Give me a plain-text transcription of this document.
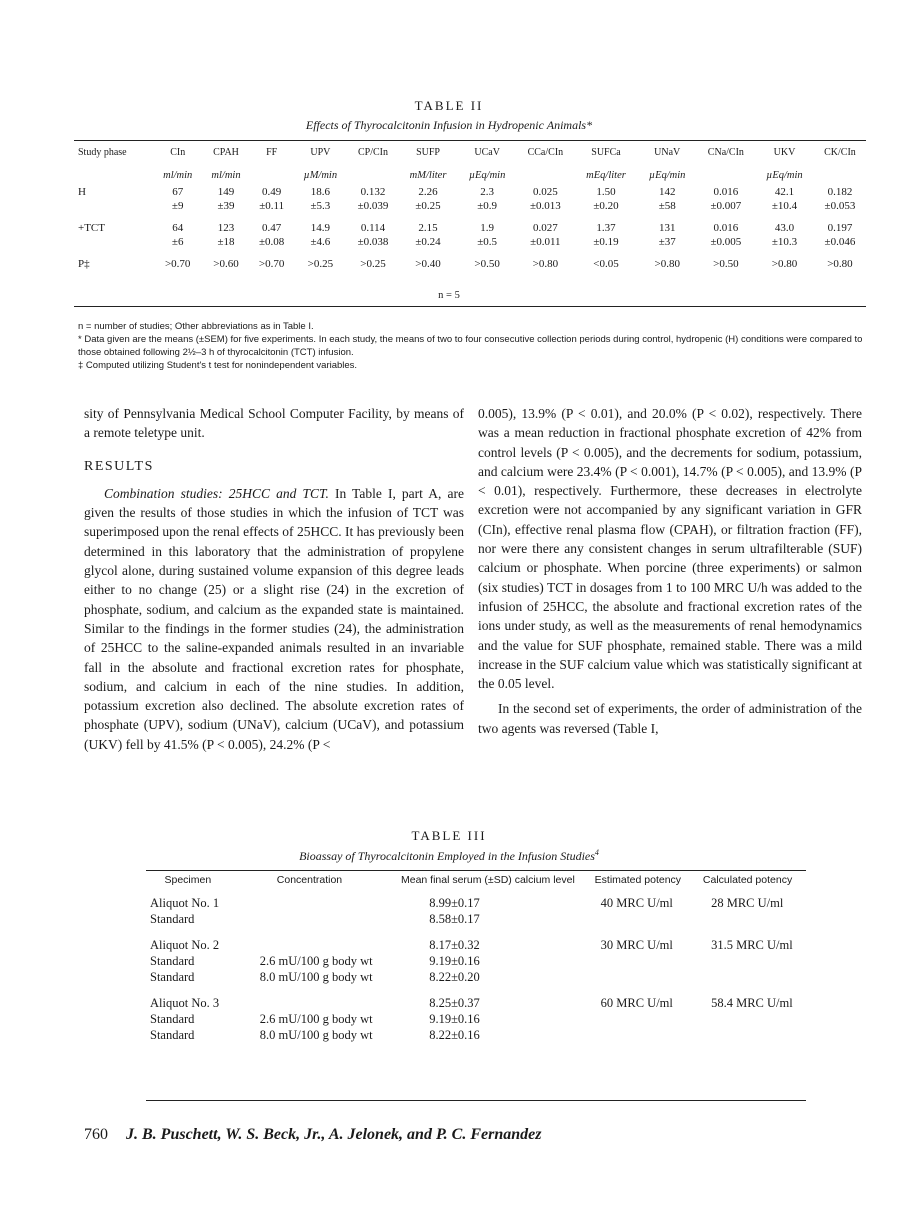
TABLE II
Effects of Thyrocalcitonin Infusion in Hydropenic Animals*
Study phase	CIn	CPAH	FF	UPV	CP/CIn	SUFP	UCaV	CCa/CIn	SUFCa	UNaV	CNa/CIn	UKV	CK/CIn
	ml/min	ml/min		µM/min		mM/liter	µEq/min		mEq/liter	µEq/min		µEq/min	
H	67	149	0.49	18.6	0.132	2.26	2.3	0.025	1.50	142	0.016	42.1	0.182
	±9	±39	±0.11	±5.3	±0.039	±0.25	±0.9	±0.013	±0.20	±58	±0.007	±10.4	±0.053
+TCT	64	123	0.47	14.9	0.114	2.15	1.9	0.027	1.37	131	0.016	43.0	0.197
	±6	±18	±0.08	±4.6	±0.038	±0.24	±0.5	±0.011	±0.19	±37	±0.005	±10.3	±0.046
P‡	>0.70	>0.60	>0.70	>0.25	>0.25	>0.40	>0.50	>0.80	<0.05	>0.80	>0.50	>0.80	>0.80
n = 5

n = number of studies; Other abbreviations as in Table I.

* Data given are the means (±SEM) for five experiments. In each study, the means of two to four consecutive collection periods during control, hydropenic (H) conditions were compared to those obtained following 2½–3 h of thyrocalcitonin (TCT) infusion.

‡ Computed utilizing Student's t test for nonindependent variables.

sity of Pennsylvania Medical School Computer Facility, by means of a remote teletype unit.

RESULTS

Combination studies: 25HCC and TCT. In Table I, part A, are given the results of those studies in which the infusion of TCT was superimposed upon the renal effects of 25HCC. It has previously been determined in this laboratory that the administration of propylene glycol alone, during sustained volume expansion of this degree leads either to no change (25) or a slight rise (24) in the excretion of phosphate, sodium, and calcium as the expanded state is maintained. Similar to the findings in the former studies (24), the administration of 25HCC to the saline-expanded animals resulted in an invariable fall in the absolute and fractional excretion rates for phosphate, sodium, and calcium in each of the nine studies. In addition, potassium excretion also declined. The absolute excretion rates of phosphate (UPV), sodium (UNaV), calcium (UCaV), and potassium (UKV) fell by 41.5% (P < 0.005), 24.2% (P <

0.005), 13.9% (P < 0.01), and 20.0% (P < 0.02), respectively. There was a mean reduction in fractional phosphate excretion of 42% from control levels (P < 0.005), and the decrements for sodium, potassium, and calcium were 23.4% (P < 0.001), 14.7% (P < 0.005), and 13.9% (P < 0.01), respectively. Furthermore, these decreases in electrolyte excretion were not accompanied by any significant variation in GFR (CIn), effective renal plasma flow (CPAH), or filtration fraction (FF), nor were there any consistent changes in serum ultrafilterable (SUF) calcium or phosphate. When porcine (three experiments) or salmon (six studies) TCT in dosages from 1 to 100 MRC U/h was added to the infusion of 25HCC, the absolute and fractional excretion rates of the ions under study, as well as the measurements of renal hemodynamics and the value for SUF phosphate, remained stable. There was a mild increase in the SUF calcium value which was statistically significant at the 0.05 level.

In the second set of experiments, the order of administration of the two agents was reversed (Table I,

TABLE III
Bioassay of Thyrocalcitonin Employed in the Infusion Studies$^4$
Specimen	Concentration	Mean final serum (±SD) calcium level	Estimated potency	Calculated potency
Aliquot No. 1		8.99±0.17	40 MRC U/ml	28 MRC U/ml
Standard		8.58±0.17		
Aliquot No. 2		8.17±0.32	30 MRC U/ml	31.5 MRC U/ml
Standard	2.6 mU/100 g body wt	9.19±0.16		
Standard	8.0 mU/100 g body wt	8.22±0.20		
Aliquot No. 3		8.25±0.37	60 MRC U/ml	58.4 MRC U/ml
Standard	2.6 mU/100 g body wt	9.19±0.16		
Standard	8.0 mU/100 g body wt	8.22±0.16		
760 J. B. Puschett, W. S. Beck, Jr., A. Jelonek, and P. C. Fernandez
